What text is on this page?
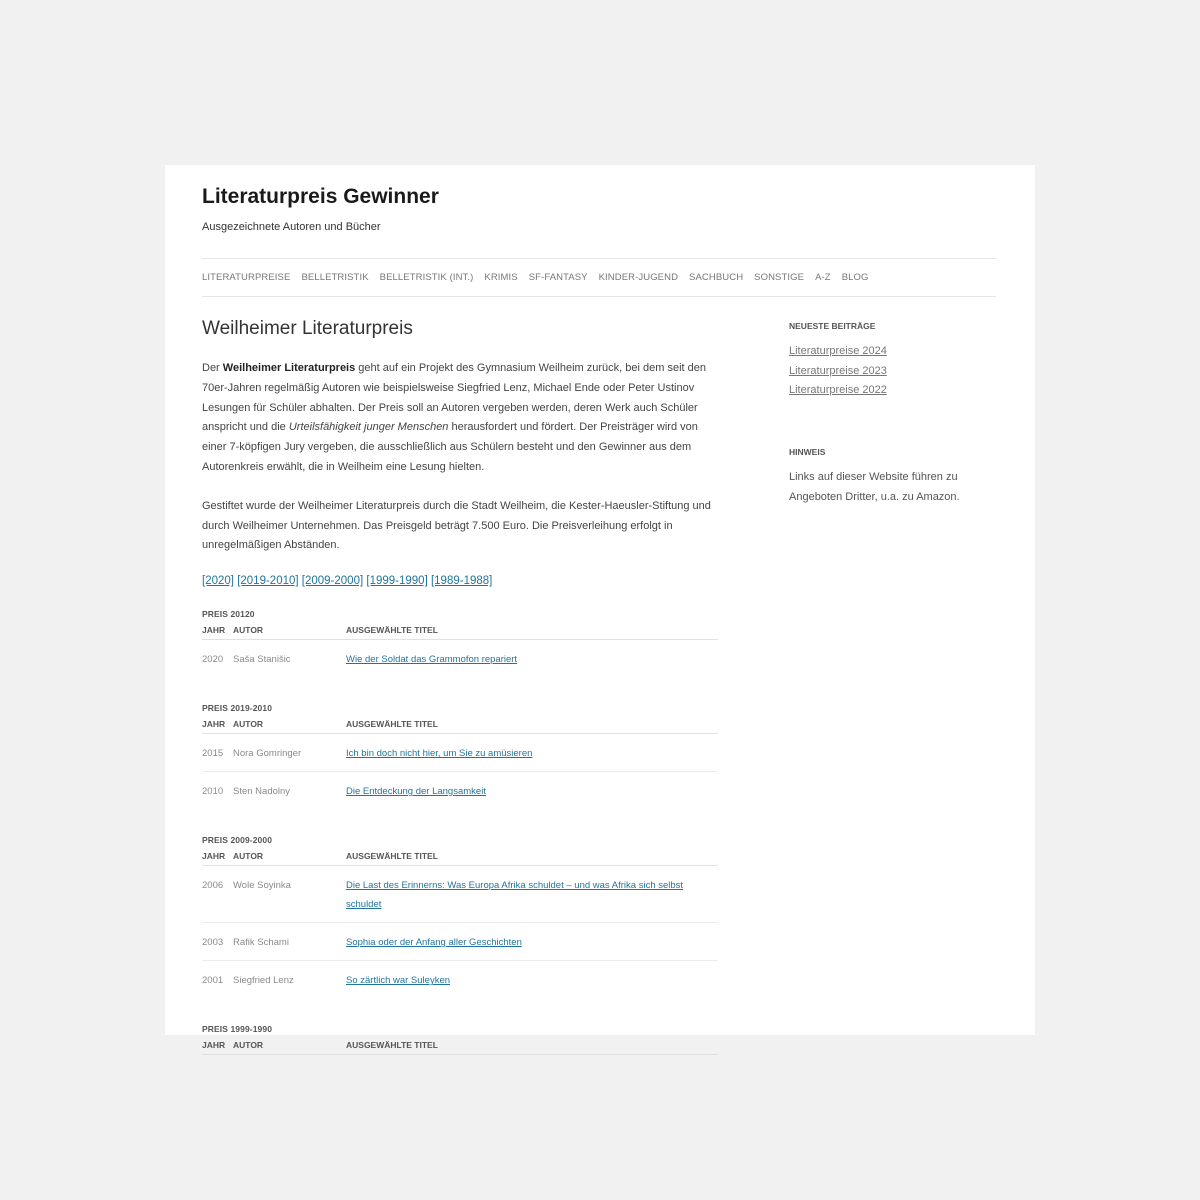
Literaturpreis Gewinner
Ausgezeichnete Autoren und Bücher
LITERATURPREISE BELLETRISTIK BELLETRISTIK (INT.) KRIMIS SF-FANTASY KINDER-JUGEND SACHBUCH SONSTIGE A-Z BLOG
Weilheimer Literaturpreis

Der Weilheimer Literaturpreis geht auf ein Projekt des Gymnasium Weilheim zurück, bei dem seit den 70er-Jahren regelmäßig Autoren wie beispielsweise Siegfried Lenz, Michael Ende oder Peter Ustinov Lesungen für Schüler abhalten. Der Preis soll an Autoren vergeben werden, deren Werk auch Schüler anspricht und die Urteilsfähigkeit junger Menschen herausfordert und fördert. Der Preisträger wird von einer 7-köpfigen Jury vergeben, die ausschließlich aus Schülern besteht und den Gewinner aus dem Autorenkreis erwählt, die in Weilheim eine Lesung hielten.

Gestiftet wurde der Weilheimer Literaturpreis durch die Stadt Weilheim, die Kester-Haeusler-Stiftung und durch Weilheimer Unternehmen. Das Preisgeld beträgt 7.500 Euro. Die Preisverleihung erfolgt in unregelmäßigen Abständen.

[2020] [2019-2010] [2009-2000] [1999-1990] [1989-1988]
PREIS 20120
JAHR	AUTOR	AUSGEWÄHLTE TITEL
2020	Saša Stanišic	Wie der Soldat das Grammofon repariert
PREIS 2019-2010
JAHR	AUTOR	AUSGEWÄHLTE TITEL
2015	Nora Gomringer	Ich bin doch nicht hier, um Sie zu amüsieren
2010	Sten Nadolny	Die Entdeckung der Langsamkeit
PREIS 2009-2000
JAHR	AUTOR	AUSGEWÄHLTE TITEL
2006	Wole Soyinka	Die Last des Erinnerns: Was Europa Afrika schuldet – und was Afrika sich selbst schuldet
2003	Rafik Schami	Sophia oder der Anfang aller Geschichten
2001	Siegfried Lenz	So zärtlich war Suleyken
PREIS 1999-1990
JAHR	AUTOR	AUSGEWÄHLTE TITEL
NEUESTE BEITRÄGE
Literaturpreise 2024
Literaturpreise 2023
Literaturpreise 2022
HINWEIS

Links auf dieser Website führen zu Angeboten Dritter, u.a. zu Amazon.
